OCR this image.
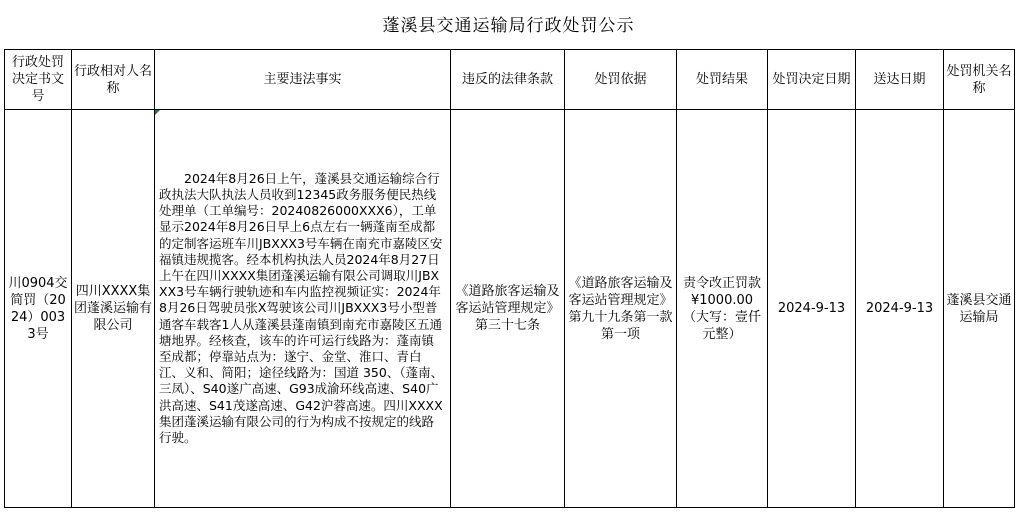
蓬溪县交通运输局行政处罚公示
行政处罚决定书文号	行政相对人名称	主要违法事实	违反的法律条款	处罚依据	处罚结果	处罚决定日期	送达日期	处罚机关名称
川0904交简罚（2024）0033号	四川XXXX集团蓬溪运输有限公司	2024年8月26日上午，蓬溪县交通运输综合行政执法大队执法人员收到12345政务服务便民热线处理单（工单编号：20240826000XXX6），工单显示2024年8月26日早上6点左右一辆蓬南至成都的定制客运班车川JBXXX3号车辆在南充市嘉陵区安福镇违规揽客。经本机构执法人员2024年8月27日上午在四川XXXX集团蓬溪运输有限公司调取川JBXXX3号车辆行驶轨迹和车内监控视频证实：2024年8月26日驾驶员张X驾驶该公司川JBXXX3号小型普通客车载客1人从蓬溪县蓬南镇到南充市嘉陵区五通塘地界。经核查，该车的许可运行线路为：蓬南镇至成都；停靠站点为：遂宁、金堂、淮口、青白江、义和、简阳；途径线路为：国道 350、（蓬南、三凤）、S40遂广高速、G93成渝环线高速、S40广洪高速、S41茂遂高速、G42沪蓉高速。四川XXXX集团蓬溪运输有限公司的行为构成不按规定的线路行驶。	《道路旅客运输及客运站管理规定》第三十七条	《道路旅客运输及客运站管理规定》第九十九条第一款第一项	责令改正罚款¥1000.00（大写：壹仟元整）	2024-9-13	2024-9-13	蓬溪县交通运输局
